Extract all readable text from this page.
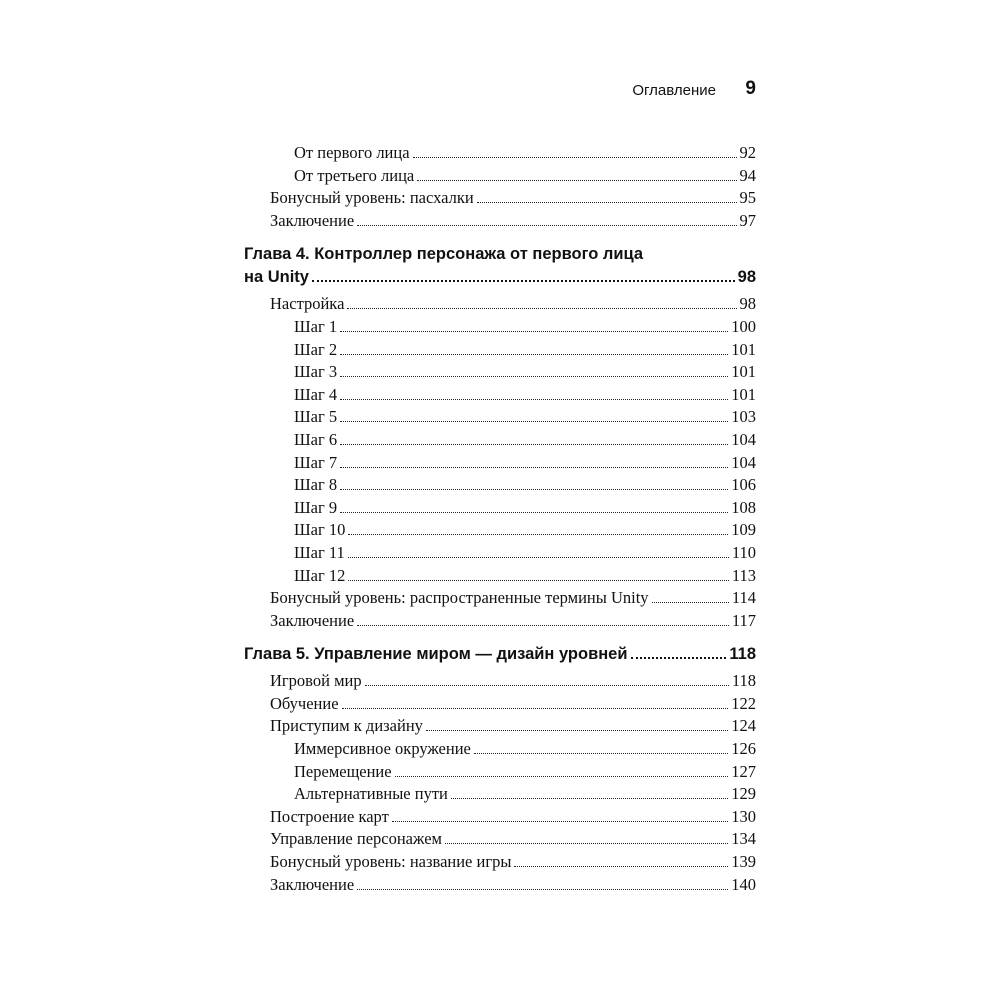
Оглавление 9
От первого лица	92
От третьего лица	94
Бонусный уровень: пасхалки	95
Заключение	97
Глава 4. Контроллер персонажа от первого лица
на Unity	98
Настройка	98
Шаг 1	100
Шаг 2	101
Шаг 3	101
Шаг 4	101
Шаг 5	103
Шаг 6	104
Шаг 7	104
Шаг 8	106
Шаг 9	108
Шаг 10	109
Шаг 11	110
Шаг 12	113
Бонусный уровень: распространенные термины Unity	114
Заключение	117
Глава 5. Управление миром — дизайн уровней	118
Игровой мир	118
Обучение	122
Приступим к дизайну	124
Иммерсивное окружение	126
Перемещение	127
Альтернативные пути	129
Построение карт	130
Управление персонажем	134
Бонусный уровень: название игры	139
Заключение	140
